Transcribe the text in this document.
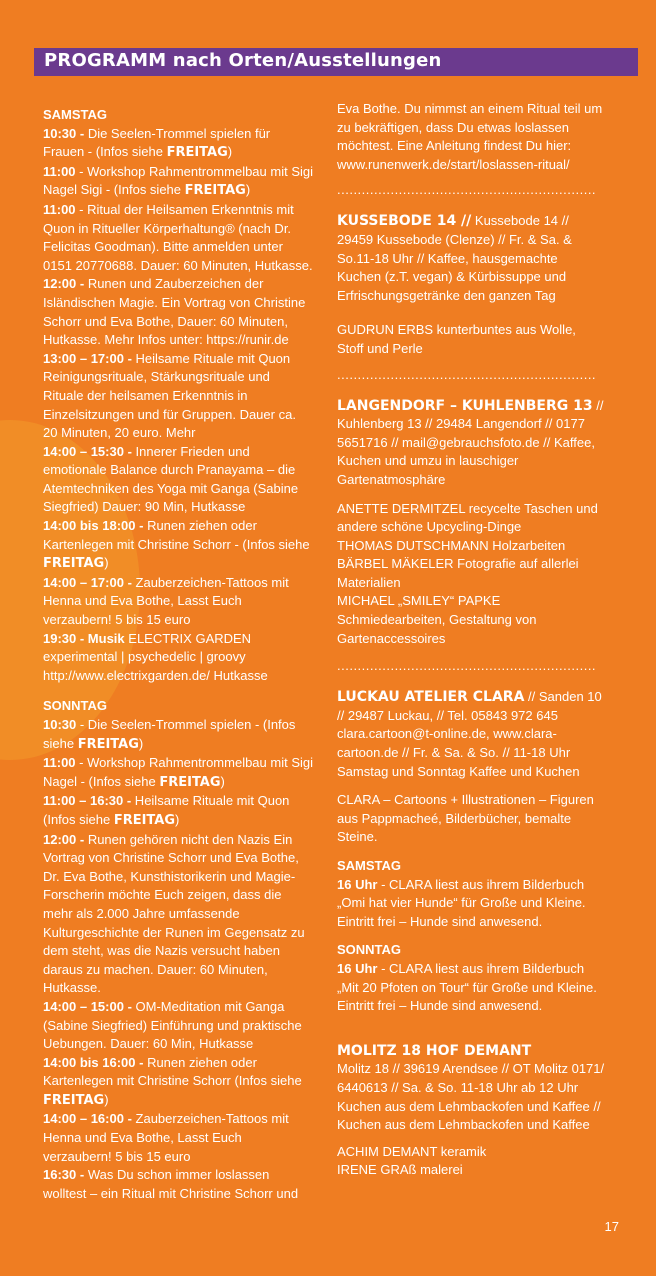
PROGRAMM nach Orten/Ausstellungen

SAMSTAG

10:30 - Die Seelen-Trommel spielen für Frauen - (Infos siehe FREITAG)

11:00 - Workshop Rahmentrommelbau mit Sigi Nagel Sigi - (Infos siehe FREITAG)

11:00 - Ritual der Heilsamen Erkenntnis mit Quon in Ritueller Körperhaltung® (nach Dr. Felicitas Goodman). Bitte anmelden unter 0151 20770688. Dauer: 60 Minuten, Hutkasse.

12:00 - Runen und Zauberzeichen der Isländischen Magie. Ein Vortrag von Christine Schorr und Eva Bothe, Dauer: 60 Minuten, Hutkasse. Mehr Infos unter: https://runir.de

13:00 – 17:00 - Heilsame Rituale mit Quon Reinigungsrituale, Stärkungsrituale und Rituale der heilsamen Erkenntnis in Einzelsitzungen und für Gruppen. Dauer ca. 20 Minuten, 20 euro. Mehr

14:00 – 15:30 - Innerer Frieden und emotionale Balance durch Pranayama – die Atemtechniken des Yoga mit Ganga (Sabine Siegfried) Dauer: 90 Min, Hutkasse

14:00 bis 18:00 - Runen ziehen oder Kartenlegen mit Christine Schorr - (Infos siehe FREITAG)

14:00 – 17:00 - Zauberzeichen-Tattoos mit Henna und Eva Bothe, Lasst Euch verzaubern! 5 bis 15 euro

19:30 - Musik ELECTRIX GARDEN experimental | psychedelic | groovy http://www.electrixgarden.de/ Hutkasse

SONNTAG

10:30 - Die Seelen-Trommel spielen - (Infos siehe FREITAG)

11:00 - Workshop Rahmentrommelbau mit Sigi Nagel - (Infos siehe FREITAG)

11:00 – 16:30 - Heilsame Rituale mit Quon (Infos siehe FREITAG)

12:00 - Runen gehören nicht den Nazis Ein Vortrag von Christine Schorr und Eva Bothe, Dr. Eva Bothe, Kunsthistorikerin und Magie-Forscherin möchte Euch zeigen, dass die mehr als 2.000 Jahre umfassende Kulturgeschichte der Runen im Gegensatz zu dem steht, was die Nazis versucht haben daraus zu machen. Dauer: 60 Minuten, Hutkasse.

14:00 – 15:00 - OM-Meditation mit Ganga (Sabine Siegfried) Einführung und praktische Uebungen. Dauer: 60 Min, Hutkasse

14:00 bis 16:00 - Runen ziehen oder Kartenlegen mit Christine Schorr (Infos siehe FREITAG)

14:00 – 16:00 - Zauberzeichen-Tattoos mit Henna und Eva Bothe, Lasst Euch verzaubern! 5 bis 15 euro

16:30 - Was Du schon immer loslassen wolltest – ein Ritual mit Christine Schorr und

Eva Bothe. Du nimmst an einem Ritual teil um zu bekräftigen, dass Du etwas loslassen möchtest. Eine Anleitung findest Du hier: www.runenwerk.de/start/loslassen-ritual/

...............................................................

KUSSEBODE 14 // Kussebode 14 // 29459 Kussebode (Clenze) // Fr. & Sa. & So.11-18 Uhr // Kaffee, hausgemachte Kuchen (z.T. vegan) & Kürbissuppe und Erfrischungsgetränke den ganzen Tag

GUDRUN ERBS kunterbuntes aus Wolle, Stoff und Perle

...............................................................

LANGENDORF – KUHLENBERG 13 // Kuhlenberg 13 // 29484 Langendorf // 0177 5651716 // mail@gebrauchsfoto.de // Kaffee, Kuchen und umzu in lauschiger Gartenatmosphäre

ANETTE DERMITZEL recycelte Taschen und andere schöne Upcycling-Dinge

THOMAS DUTSCHMANN Holzarbeiten

BÄRBEL MÄKELER Fotografie auf allerlei Materialien

MICHAEL „SMILEY“ PAPKE Schmiedearbeiten, Gestaltung von Gartenaccessoires

...............................................................

LUCKAU ATELIER CLARA // Sanden 10 // 29487 Luckau, // Tel. 05843 972 645 clara.cartoon@t-online.de, www.clara-cartoon.de // Fr. & Sa. & So. // 11-18 Uhr Samstag und Sonntag Kaffee und Kuchen

CLARA – Cartoons + Illustrationen – Figuren aus Pappmacheé, Bilderbücher, bemalte Steine.

SAMSTAG

16 Uhr - CLARA liest aus ihrem Bilderbuch „Omi hat vier Hunde“ für Große und Kleine. Eintritt frei – Hunde sind anwesend.

SONNTAG

16 Uhr - CLARA liest aus ihrem Bilderbuch „Mit 20 Pfoten on Tour“ für Große und Kleine. Eintritt frei – Hunde sind anwesend.

MOLITZ 18 HOF DEMANT

Molitz 18 // 39619 Arendsee // OT Molitz 0171/ 6440613 // Sa. & So. 11-18 Uhr ab 12 Uhr Kuchen aus dem Lehmbackofen und Kaffee // Kuchen aus dem Lehmbackofen und Kaffee

ACHIM DEMANT keramik

IRENE GRAß malerei

17
